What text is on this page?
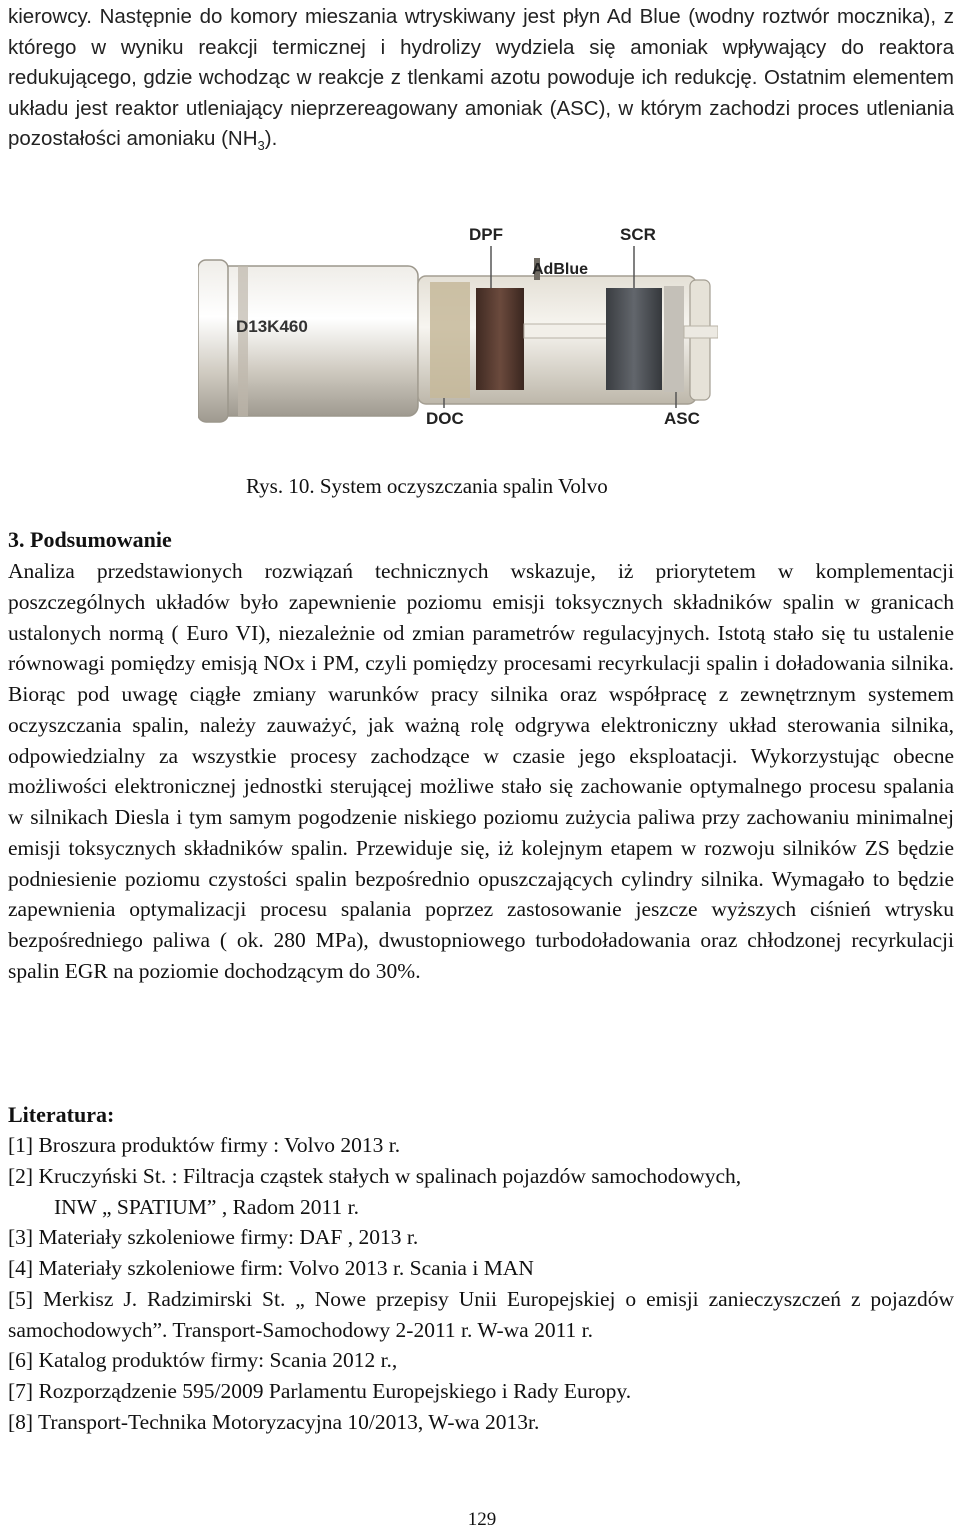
kierowcy. Następnie do komory mieszania wtryskiwany jest płyn Ad Blue (wodny roztwór mocznika), z którego w wyniku reakcji termicznej i hydrolizy wydziela się amoniak wpływający do reaktora redukującego, gdzie wchodząc w reakcje z tlenkami azotu powoduje ich redukcję. Ostatnim elementem układu jest reaktor utleniający nieprzereagowany amoniak (ASC), w którym zachodzi proces utleniania pozostałości amoniaku $(NH_3)$.
DPF	SCR
AdBlue
D13K460
DOC	ASC
Rys. 10. System oczyszczania spalin Volvo
3. Podsumowanie
Analiza przedstawionych rozwiązań technicznych wskazuje, iż priorytetem w komplementacji poszczególnych układów było zapewnienie poziomu emisji toksycznych składników spalin w granicach ustalonych normą ( Euro VI), niezależnie od zmian parametrów regulacyjnych. Istotą stało się tu ustalenie równowagi pomiędzy emisją NOx i PM, czyli pomiędzy procesami recyrkulacji spalin i doładowania silnika. Biorąc pod uwagę ciągłe zmiany warunków pracy silnika oraz współpracę z zewnętrznym systemem oczyszczania spalin, należy zauważyć, jak ważną rolę odgrywa elektroniczny układ sterowania silnika, odpowiedzialny za wszystkie procesy zachodzące w czasie jego eksploatacji. Wykorzystując obecne możliwości elektronicznej jednostki sterującej możliwe stało się zachowanie optymalnego procesu spalania w silnikach Diesla i tym samym pogodzenie niskiego poziomu zużycia paliwa przy zachowaniu minimalnej emisji toksycznych składników spalin. Przewiduje się, iż kolejnym etapem w rozwoju silników ZS będzie podniesienie poziomu czystości spalin bezpośrednio opuszczających cylindry silnika. Wymagało to będzie zapewnienia optymalizacji procesu spalania poprzez zastosowanie jeszcze wyższych ciśnień wtrysku bezpośredniego paliwa ( ok. 280 MPa), dwustopniowego turbodoładowania oraz chłodzonej recyrkulacji spalin EGR na poziomie dochodzącym do 30%.
Literatura:
[1] Broszura produktów firmy : Volvo 2013 r.
[2] Kruczyński St. : Filtracja cząstek stałych w spalinach pojazdów samochodowych,
INW „ SPATIUM” , Radom 2011 r.
[3] Materiały szkoleniowe firmy: DAF , 2013 r.
[4] Materiały szkoleniowe firm: Volvo 2013 r. Scania i MAN
[5] Merkisz J. Radzimirski St. „ Nowe przepisy Unii Europejskiej o emisji zanieczyszczeń z pojazdów samochodowych”. Transport-Samochodowy 2-2011 r. W-wa 2011 r.
[6] Katalog produktów firmy: Scania 2012 r.,
[7] Rozporządzenie 595/2009 Parlamentu Europejskiego i Rady Europy.
[8] Transport-Technika Motoryzacyjna 10/2013, W-wa 2013r.
129
